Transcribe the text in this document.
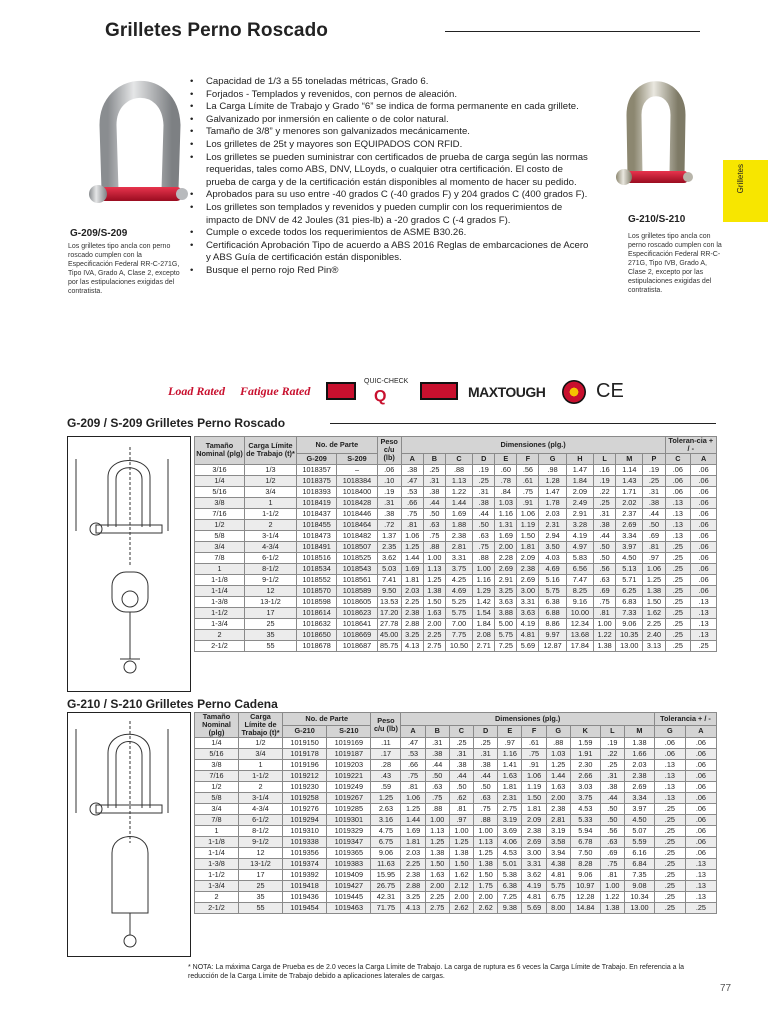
Grilletes Perno Roscado
Grilletes
G-209/S-209
Los grilletes tipo ancla con perno roscado cumplen con la Especificación Federal RR-C-271G, Tipo IVA, Grado A, Clase 2, excepto por las estipulaciones exigidas del contratista.
G-210/S-210
Los grilletes tipo ancla con perno roscado cumplen con la Especificación Federal RR-C-271G, Tipo IVB, Grado A, Clase 2, excepto por las estipulaciones exigidas del contratista.
• Capacidad de 1/3 a 55 toneladas métricas, Grado 6.
• Forjados - Templados y revenidos, con pernos de aleación.
• La Carga Límite de Trabajo y Grado “6” se indica de forma permanente en cada grillete.
• Galvanizado por inmersión en caliente o de color natural.
• Tamaño de 3/8” y menores son galvanizados mecánicamente.
• Los grilletes de 25t y mayores son EQUIPADOS CON RFID.
• Los grilletes se pueden suministrar con certificados de prueba de carga según las normas requeridas, tales como ABS, DNV, LLoyds, o cualquier otra certificación. El costo de prueba de carga y de la certificación están disponibles al momento de hacer su pedido.
• Aprobados para su uso entre -40 grados C (-40 grados F) y 204 grados C (400 grados F).
• Los grilletes son templados y revenidos y pueden cumplir con los requerimientos de impacto de DNV de 42 Joules (31 pies-lb) a -20 grados C (-4 grados F).
• Cumple o excede todos los requerimientos de ASME B30.26.
• Certificación Aprobación Tipo de acuerdo a ABS 2016 Reglas de embarcaciones de Acero y ABS Guía de certificación están disponibles.
• Busque el perno rojo Red Pin®
Load Rated Fatigue Rated
QUIC-CHECK
Q	MAXTOUGH	CE
G-209 / S-209 Grilletes Perno Roscado
Tamaño Nominal (plg)	Carga Límite de Trabajo (t)*	No. de Parte		Peso c/u (lb)	Dimensiones (plg.)											Toleran-cia + / -	
		G-209	S-209		A	B	C	D	E	F	G	H	L	M	P	C	A
3/16	1/3	1018357	–	.06	.38	.25	.88	.19	.60	.56	.98	1.47	.16	1.14	.19	.06	.06
1/4	1/2	1018375	1018384	.10	.47	.31	1.13	.25	.78	.61	1.28	1.84	.19	1.43	.25	.06	.06
5/16	3/4	1018393	1018400	.19	.53	.38	1.22	.31	.84	.75	1.47	2.09	.22	1.71	.31	.06	.06
3/8	1	1018419	1018428	.31	.66	.44	1.44	.38	1.03	.91	1.78	2.49	.25	2.02	.38	.13	.06
7/16	1-1/2	1018437	1018446	.38	.75	.50	1.69	.44	1.16	1.06	2.03	2.91	.31	2.37	.44	.13	.06
1/2	2	1018455	1018464	.72	.81	.63	1.88	.50	1.31	1.19	2.31	3.28	.38	2.69	.50	.13	.06
5/8	3-1/4	1018473	1018482	1.37	1.06	.75	2.38	.63	1.69	1.50	2.94	4.19	.44	3.34	.69	.13	.06
3/4	4-3/4	1018491	1018507	2.35	1.25	.88	2.81	.75	2.00	1.81	3.50	4.97	.50	3.97	.81	.25	.06
7/8	6-1/2	1018516	1018525	3.62	1.44	1.00	3.31	.88	2.28	2.09	4.03	5.83	.50	4.50	.97	.25	.06
1	8-1/2	1018534	1018543	5.03	1.69	1.13	3.75	1.00	2.69	2.38	4.69	6.56	.56	5.13	1.06	.25	.06
1-1/8	9-1/2	1018552	1018561	7.41	1.81	1.25	4.25	1.16	2.91	2.69	5.16	7.47	.63	5.71	1.25	.25	.06
1-1/4	12	1018570	1018589	9.50	2.03	1.38	4.69	1.29	3.25	3.00	5.75	8.25	.69	6.25	1.38	.25	.06
1-3/8	13-1/2	1018598	1018605	13.53	2.25	1.50	5.25	1.42	3.63	3.31	6.38	9.16	.75	6.83	1.50	.25	.13
1-1/2	17	1018614	1018623	17.20	2.38	1.63	5.75	1.54	3.88	3.63	6.88	10.00	.81	7.33	1.62	.25	.13
1-3/4	25	1018632	1018641	27.78	2.88	2.00	7.00	1.84	5.00	4.19	8.86	12.34	1.00	9.06	2.25	.25	.13
2	35	1018650	1018669	45.00	3.25	2.25	7.75	2.08	5.75	4.81	9.97	13.68	1.22	10.35	2.40	.25	.13
2-1/2	55	1018678	1018687	85.75	4.13	2.75	10.50	2.71	7.25	5.69	12.87	17.84	1.38	13.00	3.13	.25	.25
G-210 / S-210 Grilletes Perno Cadena
Tamaño Nominal (plg)	Carga Límite de Trabajo (t)*	No. de Parte		Peso c/u (lb)	Dimensiones (plg.)										Tolerancia + / -	
		G-210	S-210		A	B	C	D	E	F	G	K	L	M	G	A
1/4	1/2	1019150	1019169	.11	.47	.31	.25	.25	.97	.61	.88	1.59	.19	1.38	.06	.06
5/16	3/4	1019178	1019187	.17	.53	.38	.31	.31	1.16	.75	1.03	1.91	.22	1.66	.06	.06
3/8	1	1019196	1019203	.28	.66	.44	.38	.38	1.41	.91	1.25	2.30	.25	2.03	.13	.06
7/16	1-1/2	1019212	1019221	.43	.75	.50	.44	.44	1.63	1.06	1.44	2.66	.31	2.38	.13	.06
1/2	2	1019230	1019249	.59	.81	.63	.50	.50	1.81	1.19	1.63	3.03	.38	2.69	.13	.06
5/8	3-1/4	1019258	1019267	1.25	1.06	.75	.62	.63	2.31	1.50	2.00	3.75	.44	3.34	.13	.06
3/4	4-3/4	1019276	1019285	2.63	1.25	.88	.81	.75	2.75	1.81	2.38	4.53	.50	3.97	.25	.06
7/8	6-1/2	1019294	1019301	3.16	1.44	1.00	.97	.88	3.19	2.09	2.81	5.33	.50	4.50	.25	.06
1	8-1/2	1019310	1019329	4.75	1.69	1.13	1.00	1.00	3.69	2.38	3.19	5.94	.56	5.07	.25	.06
1-1/8	9-1/2	1019338	1019347	6.75	1.81	1.25	1.25	1.13	4.06	2.69	3.58	6.78	.63	5.59	.25	.06
1-1/4	12	1019356	1019365	9.06	2.03	1.38	1.38	1.25	4.53	3.00	3.94	7.50	.69	6.16	.25	.06
1-3/8	13-1/2	1019374	1019383	11.63	2.25	1.50	1.50	1.38	5.01	3.31	4.38	8.28	.75	6.84	.25	.13
1-1/2	17	1019392	1019409	15.95	2.38	1.63	1.62	1.50	5.38	3.62	4.81	9.06	.81	7.35	.25	.13
1-3/4	25	1019418	1019427	26.75	2.88	2.00	2.12	1.75	6.38	4.19	5.75	10.97	1.00	9.08	.25	.13
2	35	1019436	1019445	42.31	3.25	2.25	2.00	2.00	7.25	4.81	6.75	12.28	1.22	10.34	.25	.13
2-1/2	55	1019454	1019463	71.75	4.13	2.75	2.62	2.62	9.38	5.69	8.00	14.84	1.38	13.00	.25	.25
* NOTA: La máxima Carga de Prueba es de 2.0 veces la Carga Límite de Trabajo. La carga de ruptura es 6 veces la Carga Límite de Trabajo. En referencia a la reducción de la Carga Límite de Trabajo debido a aplicaciones laterales de cargas.
77
